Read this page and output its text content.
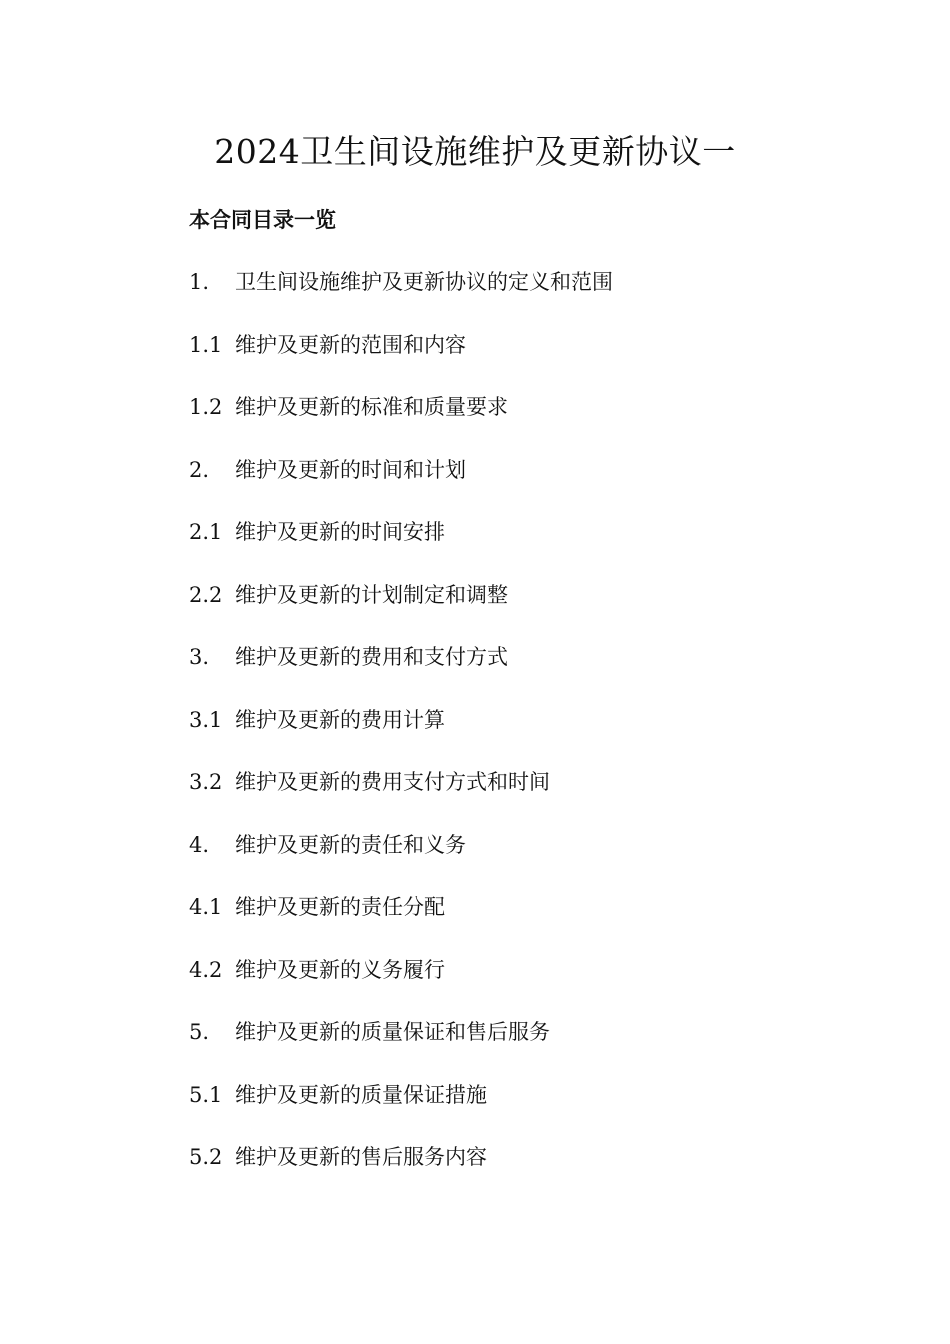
2024卫生间设施维护及更新协议一
本合同目录一览
1. 卫生间设施维护及更新协议的定义和范围
1.1 维护及更新的范围和内容
1.2 维护及更新的标准和质量要求
2. 维护及更新的时间和计划
2.1 维护及更新的时间安排
2.2 维护及更新的计划制定和调整
3. 维护及更新的费用和支付方式
3.1 维护及更新的费用计算
3.2 维护及更新的费用支付方式和时间
4. 维护及更新的责任和义务
4.1 维护及更新的责任分配
4.2 维护及更新的义务履行
5. 维护及更新的质量保证和售后服务
5.1 维护及更新的质量保证措施
5.2 维护及更新的售后服务内容
